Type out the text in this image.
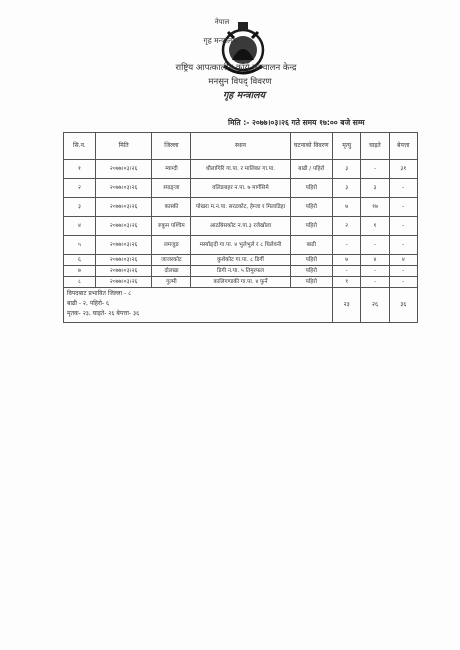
नेपाल
गृह मन्त्रालय
राष्ट्रिय आपत्कालीन कार्य सञ्चालन केन्द्र
मनसुन विपद् विवरण
गृह मन्त्रालय
मिति :- २०७७।०३।२६ गते समय १७:०० बजे सम्म
सि.न.	मिति	जिल्ला	स्थान	घटनाको विवरण	मृत्यु	घाइते	बेपत्ता
१	२०७७।०३।२६	म्याग्दी	धौलागिरि गा.पा. र मालिका गा.पा.	बाढी / पहिरो	३	-	३१
२	२०७७।०३।२६	स्याङ्जा	वलिङबहर न.पा. ७ मार्गसिमे	पहिरो	३	३	-
३	२०७७।०३।२६	कास्की	पोखरा म.न.पा. सरडकोट, हेम्जा र मिलाडिहा	पहिरो	७	१७	-
४	२०७७।०३।२६	रुकुम पश्चिम	आठबिसकोट न.पा.३ रजेखोला	पहिरो	२	१	-
५	२०७७।०३।२६	लमजुङ	मर्स्याङ्दी गा.पा. ४ भुलेभुले र ८ धिलेवनी	बाढी	-	-	-
६	२०७७।०३।२६	जाजरकोट	कुशेकोट गा.पा. ८ डिर्गी	पहिरो	७	४	४
७	२०७७।०३।२६	दोलखा	डिगी न.पा. ५ तिमुरफल	पहिरो	-	-	-
८	२०७७।०३।२६	गुल्मी	कालिगण्डकी गा.पा. ४ फुर्ने	पहिरो	१	-	-

विपदबाट प्रभावित जिल्ला - ८
बाढी - २, पहिरो- ६
मृतक- २३, घाइते- २६ बेपत्ता- ३६					२३	२६	३६
